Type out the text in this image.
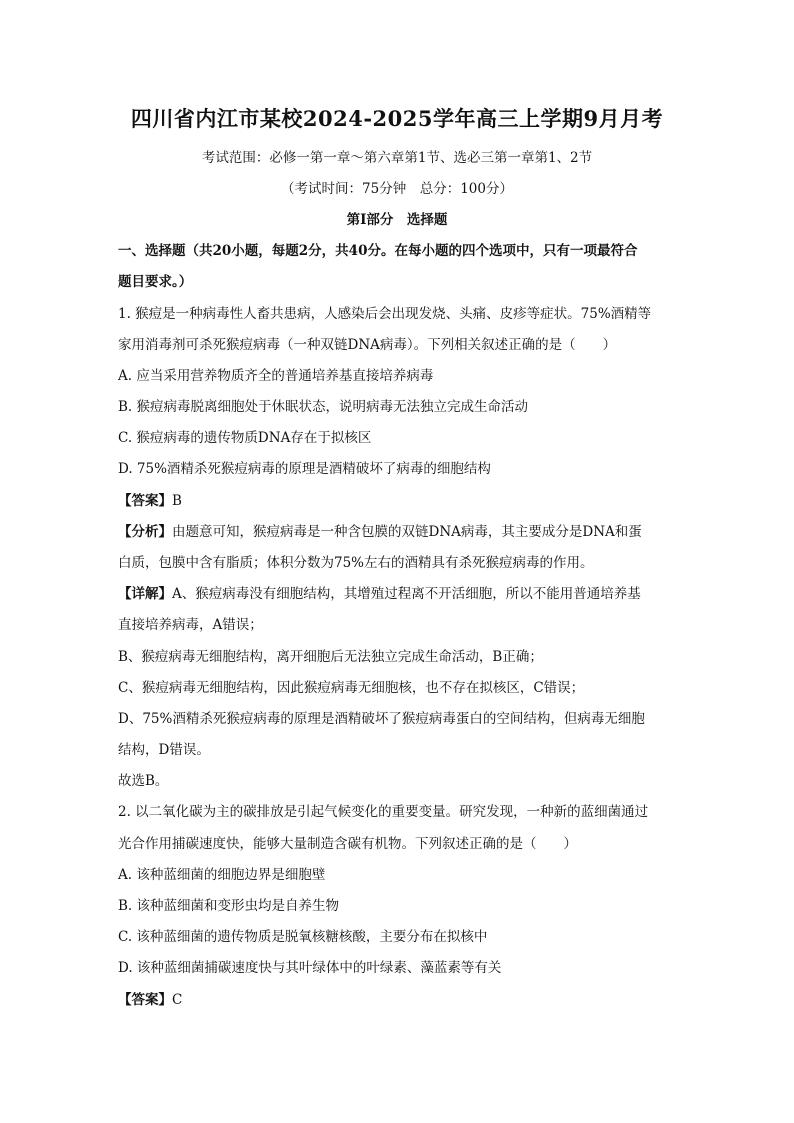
四川省内江市某校2024-2025学年高三上学期9月月考
考试范围：必修一第一章～第六章第1节、选必三第一章第1、2节
（考试时间：75分钟　总分：100分）
第Ⅰ部分　选择题
一、选择题（共20小题，每题2分，共40分。在每小题的四个选项中，只有一项最符合
题目要求。）
1. 猴痘是一种病毒性人畜共患病，人感染后会出现发烧、头痛、皮疹等症状。75%酒精等
家用消毒剂可杀死猴痘病毒（一种双链DNA病毒）。下列相关叙述正确的是（　　）
A. 应当采用营养物质齐全的普通培养基直接培养病毒
B. 猴痘病毒脱离细胞处于休眠状态，说明病毒无法独立完成生命活动
C. 猴痘病毒的遗传物质DNA存在于拟核区
D. 75%酒精杀死猴痘病毒的原理是酒精破坏了病毒的细胞结构
【答案】B
【分析】由题意可知，猴痘病毒是一种含包膜的双链DNA病毒，其主要成分是DNA和蛋
白质，包膜中含有脂质；体积分数为75%左右的酒精具有杀死猴痘病毒的作用。
【详解】A、猴痘病毒没有细胞结构，其增殖过程离不开活细胞，所以不能用普通培养基
直接培养病毒，A错误；
B、猴痘病毒无细胞结构，离开细胞后无法独立完成生命活动，B正确；
C、猴痘病毒无细胞结构，因此猴痘病毒无细胞核，也不存在拟核区，C错误；
D、75%酒精杀死猴痘病毒的原理是酒精破坏了猴痘病毒蛋白的空间结构，但病毒无细胞
结构，D错误。
故选B。
2. 以二氧化碳为主的碳排放是引起气候变化的重要变量。研究发现，一种新的蓝细菌通过
光合作用捕碳速度快，能够大量制造含碳有机物。下列叙述正确的是（　　）
A. 该种蓝细菌的细胞边界是细胞壁
B. 该种蓝细菌和变形虫均是自养生物
C. 该种蓝细菌的遗传物质是脱氧核糖核酸，主要分布在拟核中
D. 该种蓝细菌捕碳速度快与其叶绿体中的叶绿素、藻蓝素等有关
【答案】C
